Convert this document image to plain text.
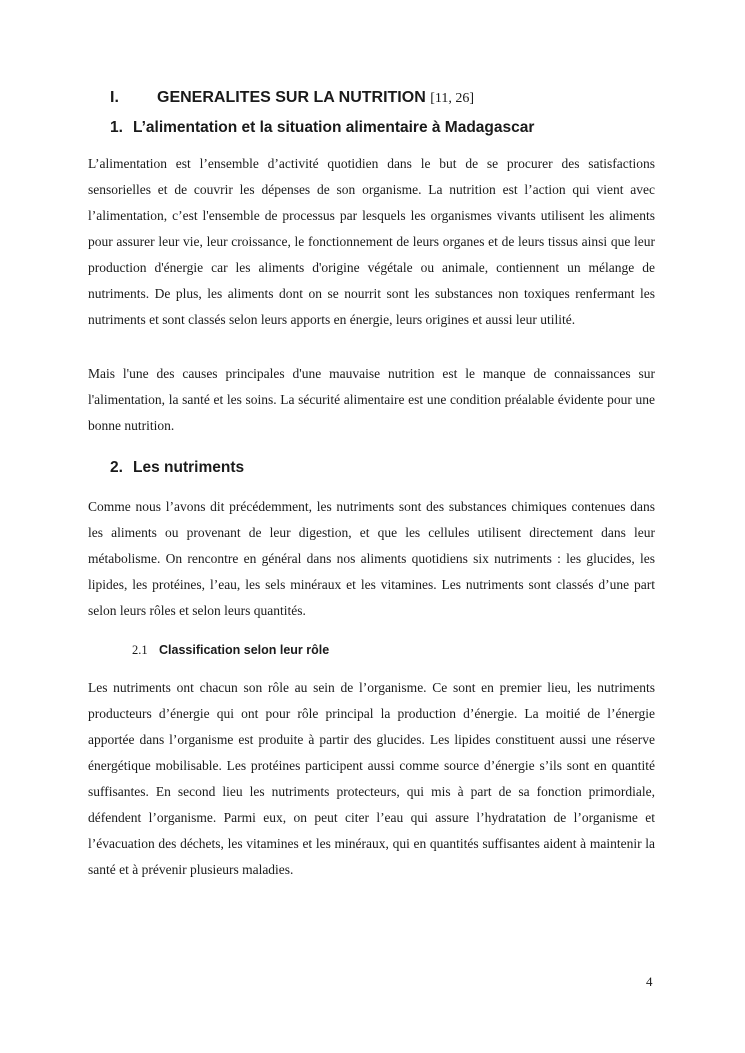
I. GENERALITES SUR LA NUTRITION [11, 26]
1. L’alimentation et la situation alimentaire à Madagascar

L’alimentation est l’ensemble d’activité quotidien dans le but de se procurer des satisfactions sensorielles et de couvrir les dépenses de son organisme. La nutrition est l’action qui vient avec l’alimentation, c’est l'ensemble de processus par lesquels les organismes vivants utilisent les aliments pour assurer leur vie, leur croissance, le fonctionnement de leurs organes et de leurs tissus ainsi que leur production d'énergie car les aliments d'origine végétale ou animale, contiennent un mélange de nutriments. De plus, les aliments dont on se nourrit sont les substances non toxiques renfermant les nutriments et sont classés selon leurs apports en énergie, leurs origines et aussi leur utilité.

Mais l'une des causes principales d'une mauvaise nutrition est le manque de connaissances sur l'alimentation, la santé et les soins. La sécurité alimentaire est une condition préalable évidente pour une bonne nutrition.

2. Les nutriments

Comme nous l’avons dit précédemment, les nutriments sont des substances chimiques contenues dans les aliments ou provenant de leur digestion, et que les cellules utilisent directement dans leur métabolisme. On rencontre en général dans nos aliments quotidiens six nutriments : les glucides, les lipides, les protéines, l’eau, les sels minéraux et les vitamines. Les nutriments sont classés d’une part selon leurs rôles et selon leurs quantités.

2.1 Classification selon leur rôle

Les nutriments ont chacun son rôle au sein de l’organisme. Ce sont en premier lieu, les nutriments producteurs d’énergie qui ont pour rôle principal la production d’énergie. La moitié de l’énergie apportée dans l’organisme est produite à partir des glucides. Les lipides constituent aussi une réserve énergétique mobilisable. Les protéines participent aussi comme source d’énergie s’ils sont en quantité suffisantes. En second lieu les nutriments protecteurs, qui mis à part de sa fonction primordiale, défendent l’organisme. Parmi eux, on peut citer l’eau qui assure l’hydratation de l’organisme et l’évacuation des déchets, les vitamines et les minéraux, qui en quantités suffisantes aident à maintenir la santé et à prévenir plusieurs maladies.

4
